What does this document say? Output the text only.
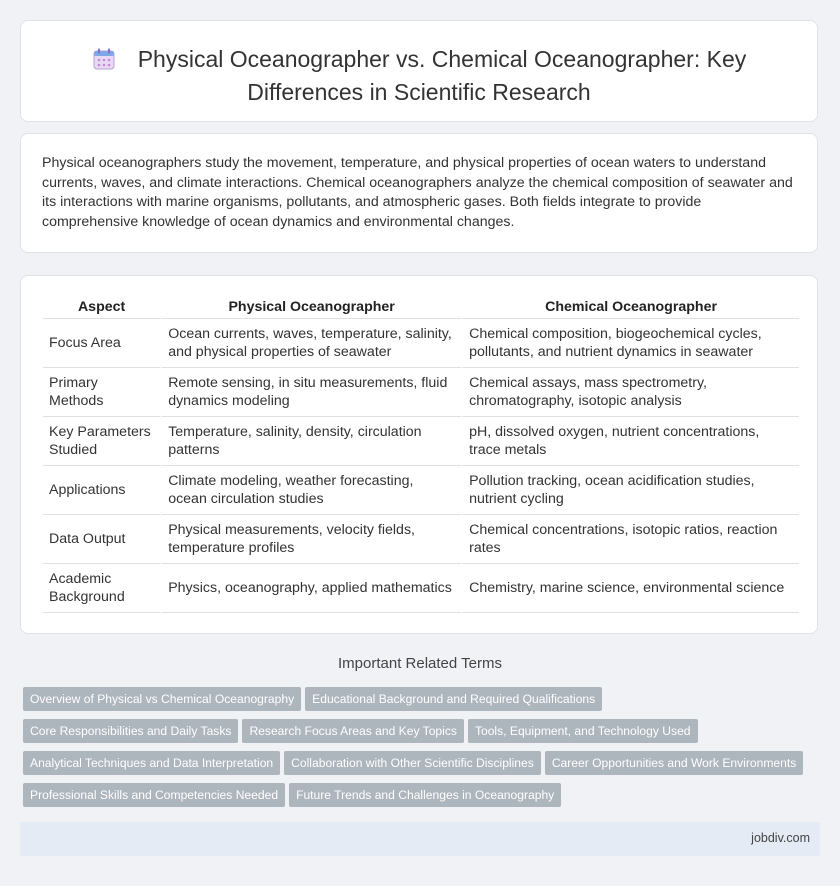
Physical Oceanographer vs. Chemical Oceanographer: Key
Differences in Scientific Research
Physical oceanographers study the movement, temperature, and physical properties of ocean waters to understand currents, waves, and climate interactions. Chemical oceanographers analyze the chemical composition of seawater and its interactions with marine organisms, pollutants, and atmospheric gases. Both fields integrate to provide comprehensive knowledge of ocean dynamics and environmental changes.
Aspect	Physical Oceanographer	Chemical Oceanographer
Focus Area	Ocean currents, waves, temperature, salinity, and physical properties of seawater	Chemical composition, biogeochemical cycles, pollutants, and nutrient dynamics in seawater
Primary Methods	Remote sensing, in situ measurements, fluid dynamics modeling	Chemical assays, mass spectrometry, chromatography, isotopic analysis
Key Parameters Studied	Temperature, salinity, density, circulation patterns	pH, dissolved oxygen, nutrient concentrations, trace metals
Applications	Climate modeling, weather forecasting, ocean circulation studies	Pollution tracking, ocean acidification studies, nutrient cycling
Data Output	Physical measurements, velocity fields, temperature profiles	Chemical concentrations, isotopic ratios, reaction rates
Academic Background	Physics, oceanography, applied mathematics	Chemistry, marine science, environmental science
Important Related Terms
Overview of Physical vs Chemical Oceanography Educational Background and Required Qualifications
Core Responsibilities and Daily Tasks Research Focus Areas and Key Topics Tools, Equipment, and Technology Used
Analytical Techniques and Data Interpretation Collaboration with Other Scientific Disciplines Career Opportunities and Work Environments
Professional Skills and Competencies Needed Future Trends and Challenges in Oceanography
jobdiv.com
